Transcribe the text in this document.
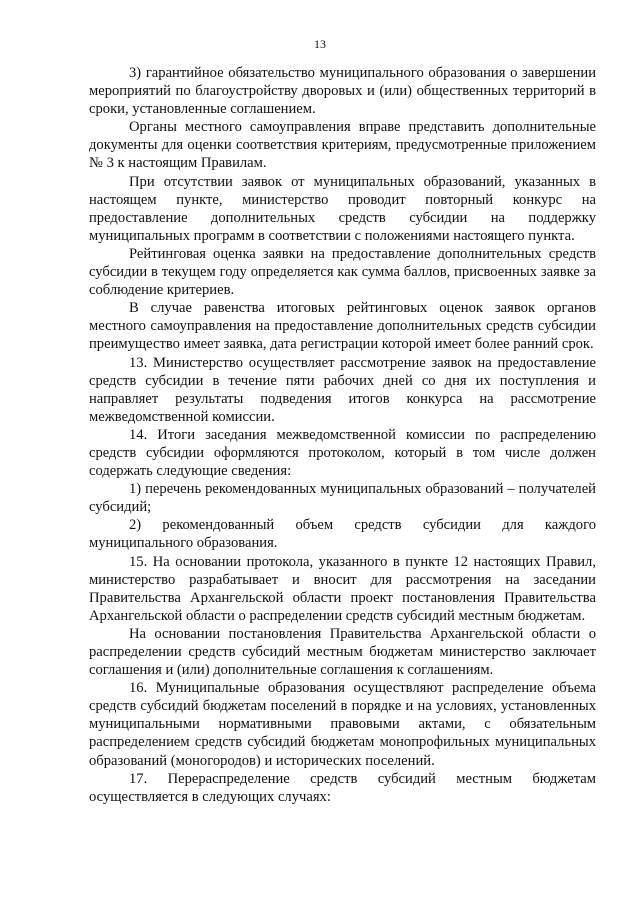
13

3) гарантийное обязательство муниципального образования о завершении мероприятий по благоустройству дворовых и (или) общественных территорий в сроки, установленные соглашением.

Органы местного самоуправления вправе представить дополнительные документы для оценки соответствия критериям, предусмотренные приложением № 3 к настоящим Правилам.

При отсутствии заявок от муниципальных образований, указанных в настоящем пункте, министерство проводит повторный конкурс на предоставление дополнительных средств субсидии на поддержку муниципальных программ в соответствии с положениями настоящего пункта.

Рейтинговая оценка заявки на предоставление дополнительных средств субсидии в текущем году определяется как сумма баллов, присвоенных заявке за соблюдение критериев.

В случае равенства итоговых рейтинговых оценок заявок органов местного самоуправления на предоставление дополнительных средств субсидии преимущество имеет заявка, дата регистрации которой имеет более ранний срок.

13. Министерство осуществляет рассмотрение заявок на предоставление средств субсидии в течение пяти рабочих дней со дня их поступления и направляет результаты подведения итогов конкурса на рассмотрение межведомственной комиссии.

14. Итоги заседания межведомственной комиссии по распределению средств субсидии оформляются протоколом, который в том числе должен содержать следующие сведения:

1) перечень рекомендованных муниципальных образований – получателей субсидий;

2) рекомендованный объем средств субсидии для каждого муниципального образования.

15. На основании протокола, указанного в пункте 12 настоящих Правил, министерство разрабатывает и вносит для рассмотрения на заседании Правительства Архангельской области проект постановления Правительства Архангельской области о распределении средств субсидий местным бюджетам.

На основании постановления Правительства Архангельской области о распределении средств субсидий местным бюджетам министерство заключает соглашения и (или) дополнительные соглашения к соглашениям.

16. Муниципальные образования осуществляют распределение объема средств субсидий бюджетам поселений в порядке и на условиях, установленных муниципальными нормативными правовыми актами, с обязательным распределением средств субсидий бюджетам монопрофильных муниципальных образований (моногородов) и исторических поселений.

17. Перераспределение средств субсидий местным бюджетам осуществляется в следующих случаях:
